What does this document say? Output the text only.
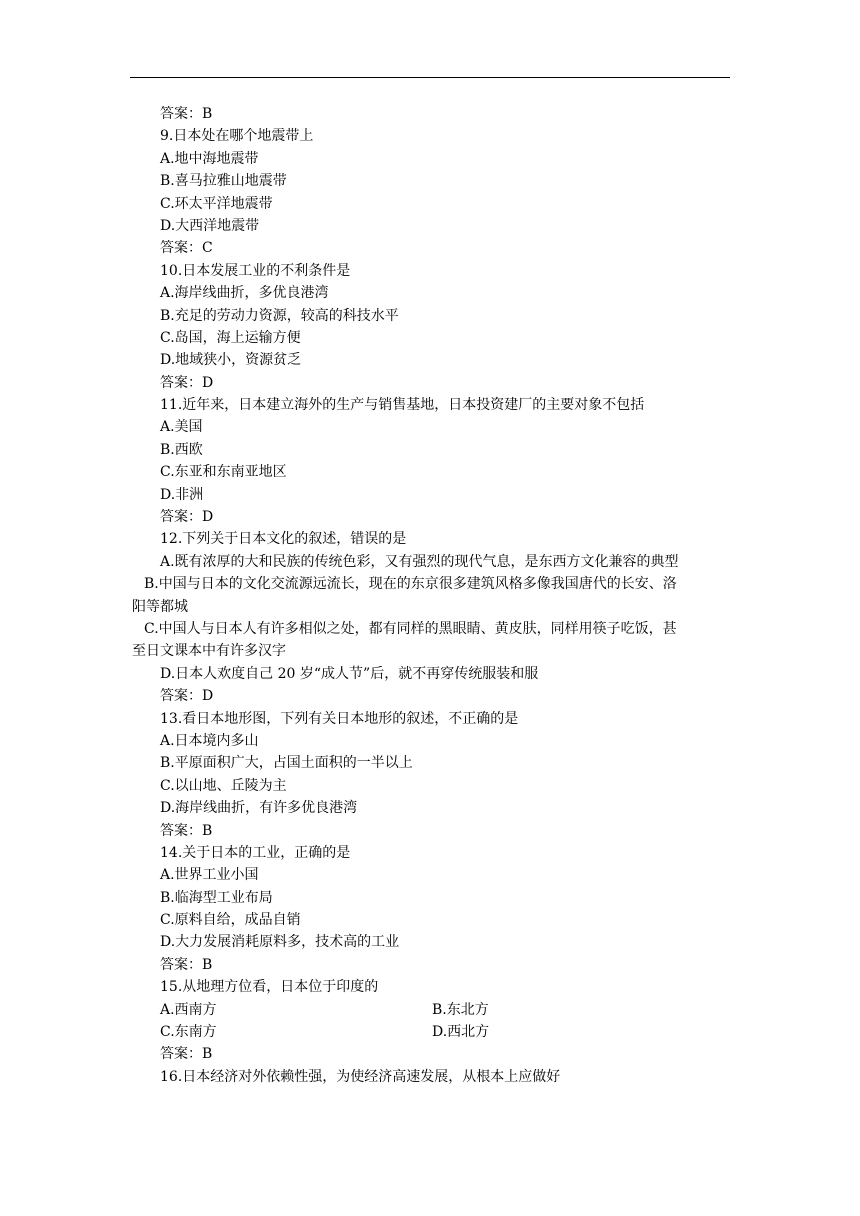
答案：B
9.日本处在哪个地震带上
A.地中海地震带
B.喜马拉雅山地震带
C.环太平洋地震带
D.大西洋地震带
答案：C
10.日本发展工业的不利条件是
A.海岸线曲折，多优良港湾
B.充足的劳动力资源，较高的科技水平
C.岛国，海上运输方便
D.地域狭小，资源贫乏
答案：D
11.近年来，日本建立海外的生产与销售基地，日本投资建厂的主要对象不包括
A.美国
B.西欧
C.东亚和东南亚地区
D.非洲
答案：D
12.下列关于日本文化的叙述，错误的是
A.既有浓厚的大和民族的传统色彩，又有强烈的现代气息，是东西方文化兼容的典型
B.中国与日本的文化交流源远流长，现在的东京很多建筑风格多像我国唐代的长安、洛
阳等都城
C.中国人与日本人有许多相似之处，都有同样的黑眼睛、黄皮肤，同样用筷子吃饭，甚
至日文课本中有许多汉字
D.日本人欢度自己 20 岁“成人节”后，就不再穿传统服装和服
答案：D
13.看日本地形图，下列有关日本地形的叙述，不正确的是
A.日本境内多山
B.平原面积广大，占国土面积的一半以上
C.以山地、丘陵为主
D.海岸线曲折，有许多优良港湾
答案：B
14.关于日本的工业，正确的是
A.世界工业小国
B.临海型工业布局
C.原料自给，成品自销
D.大力发展消耗原料多，技术高的工业
答案：B
15.从地理方位看，日本位于印度的
A.西南方	B.东北方
C.东南方	D.西北方
答案：B
16.日本经济对外依赖性强，为使经济高速发展，从根本上应做好
